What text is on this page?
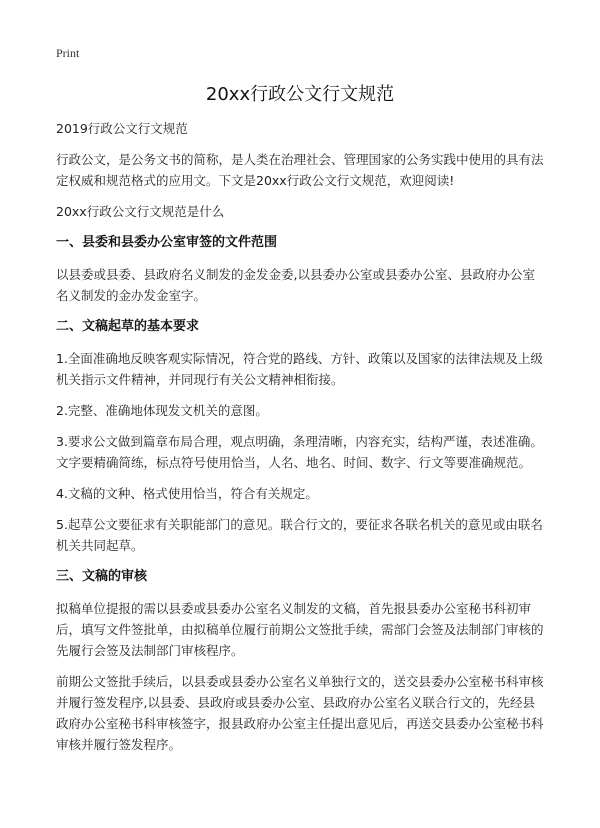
Print
20xx行政公文行文规范

2019行政公文行文规范

行政公文，是公务文书的简称，是人类在治理社会、管理国家的公务实践中使用的具有法定权威和规范格式的应用文。下文是20xx行政公文行文规范，欢迎阅读!

20xx行政公文行文规范是什么

一、县委和县委办公室审签的文件范围

以县委或县委、县政府名义制发的金发金委,以县委办公室或县委办公室、县政府办公室名义制发的金办发金室字。

二、文稿起草的基本要求

1.全面准确地反映客观实际情况，符合党的路线、方针、政策以及国家的法律法规及上级机关指示文件精神，并同现行有关公文精神相衔接。

2.完整、准确地体现发文机关的意图。

3.要求公文做到篇章布局合理，观点明确，条理清晰，内容充实，结构严谨，表述准确。文字要精确简练，标点符号使用恰当，人名、地名、时间、数字、行文等要准确规范。

4.文稿的文种、格式使用恰当，符合有关规定。

5.起草公文要征求有关职能部门的意见。联合行文的，要征求各联名机关的意见或由联名机关共同起草。

三、文稿的审核

拟稿单位提报的需以县委或县委办公室名义制发的文稿，首先报县委办公室秘书科初审后，填写文件签批单，由拟稿单位履行前期公文签批手续，需部门会签及法制部门审核的先履行会签及法制部门审核程序。

前期公文签批手续后，以县委或县委办公室名义单独行文的，送交县委办公室秘书科审核并履行签发程序,以县委、县政府或县委办公室、县政府办公室名义联合行文的，先经县政府办公室秘书科审核签字，报县政府办公室主任提出意见后，再送交县委办公室秘书科审核并履行签发程序。
